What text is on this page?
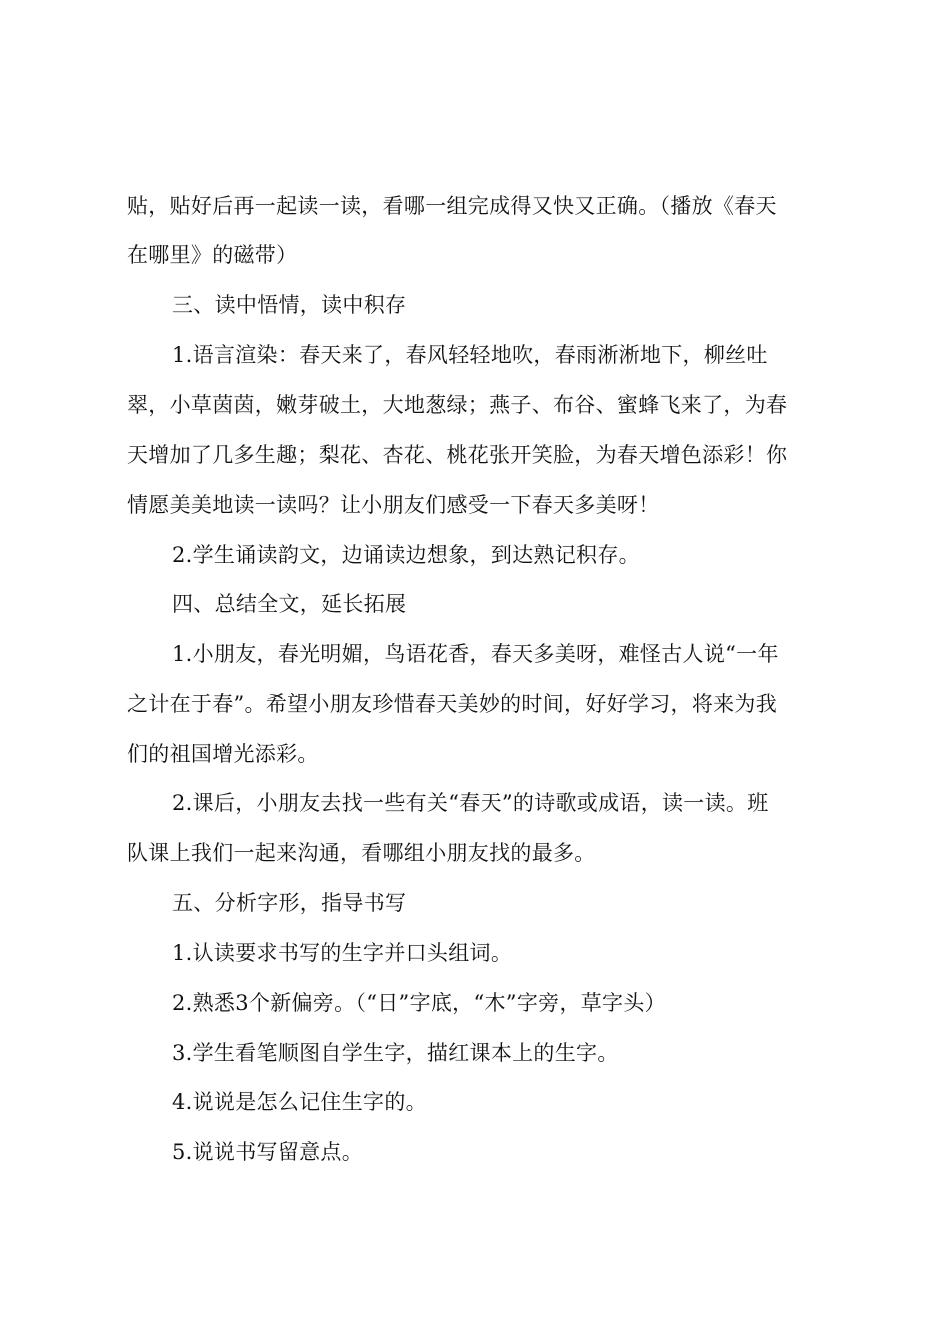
贴，贴好后再一起读一读，看哪一组完成得又快又正确。（播放《春天
在哪里》的磁带）
三、读中悟情，读中积存
1.语言渲染：春天来了，春风轻轻地吹，春雨淅淅地下，柳丝吐
翠，小草茵茵，嫩芽破土，大地葱绿；燕子、布谷、蜜蜂飞来了，为春
天增加了几多生趣；梨花、杏花、桃花张开笑脸，为春天增色添彩！你
情愿美美地读一读吗？让小朋友们感受一下春天多美呀！
2.学生诵读韵文，边诵读边想象，到达熟记积存。
四、总结全文，延长拓展
1.小朋友，春光明媚，鸟语花香，春天多美呀，难怪古人说“一年
之计在于春”。希望小朋友珍惜春天美妙的时间，好好学习，将来为我
们的祖国增光添彩。
2.课后，小朋友去找一些有关“春天”的诗歌或成语，读一读。班
队课上我们一起来沟通，看哪组小朋友找的最多。
五、分析字形，指导书写
1.认读要求书写的生字并口头组词。
2.熟悉3个新偏旁。（“日”字底，“木”字旁，草字头）
3.学生看笔顺图自学生字，描红课本上的生字。
4.说说是怎么记住生字的。
5.说说书写留意点。
